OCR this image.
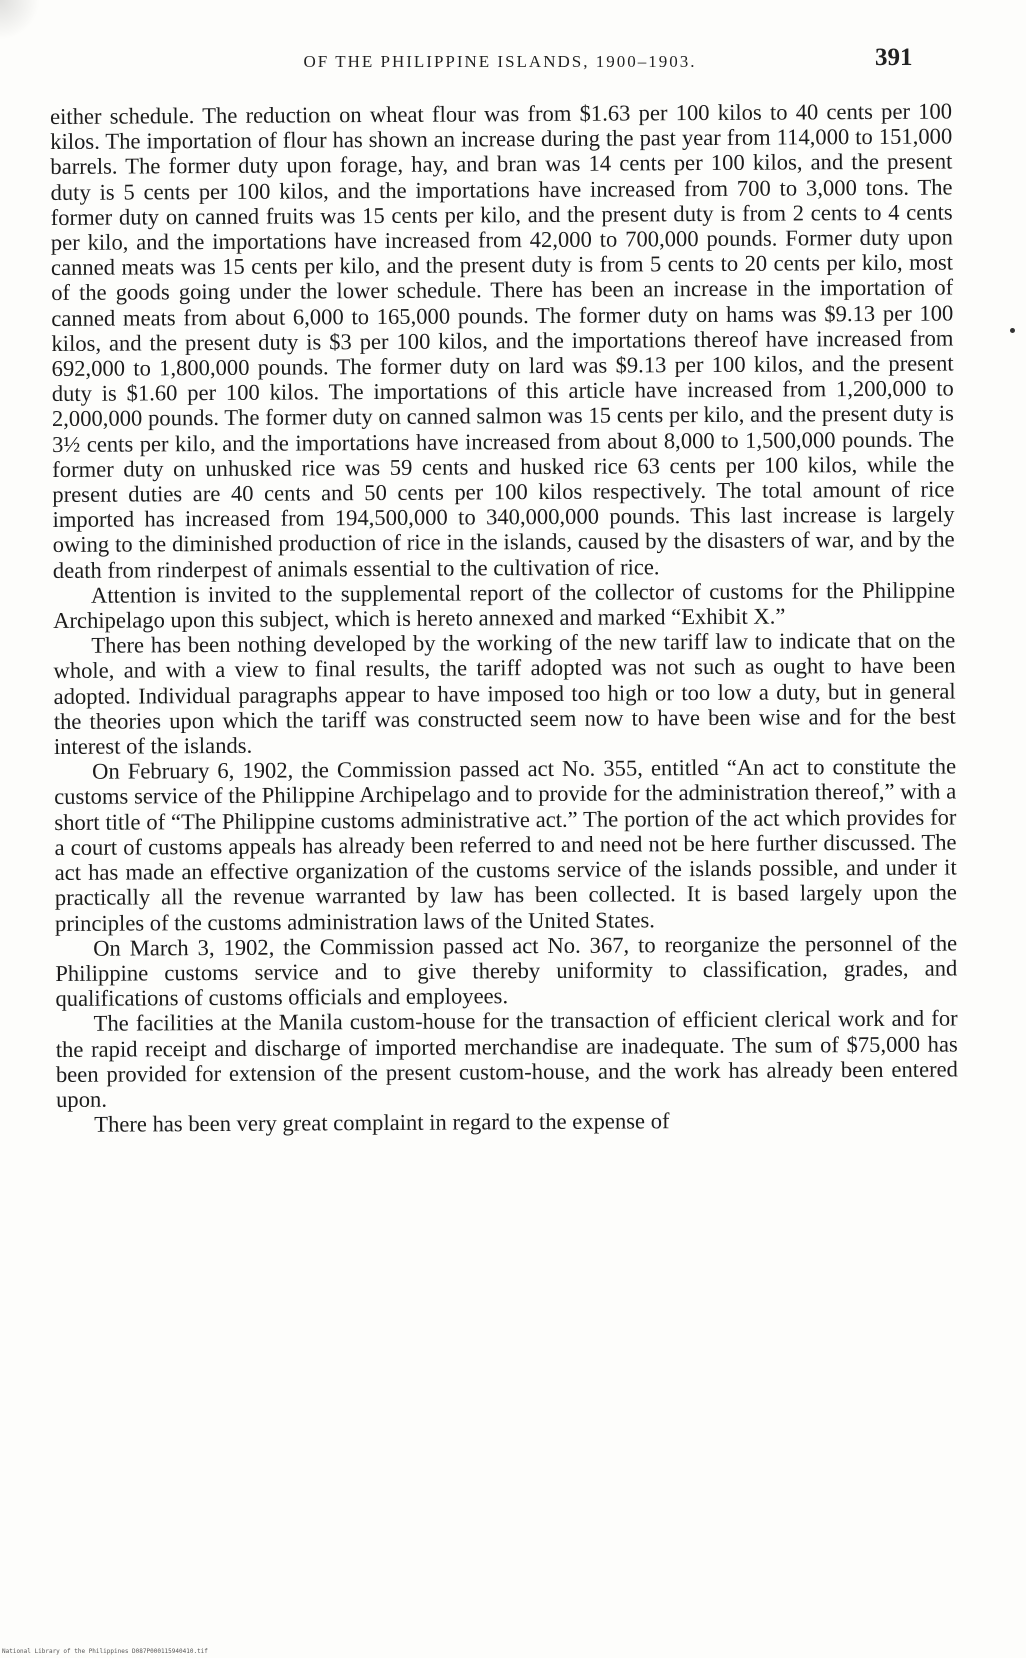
OF THE PHILIPPINE ISLANDS, 1900–1903.	391

either schedule. The reduction on wheat flour was from $1.63 per 100 kilos to 40 cents per 100 kilos. The importation of flour has shown an increase during the past year from 114,000 to 151,000 barrels. The former duty upon forage, hay, and bran was 14 cents per 100 kilos, and the present duty is 5 cents per 100 kilos, and the importations have increased from 700 to 3,000 tons. The former duty on canned fruits was 15 cents per kilo, and the present duty is from 2 cents to 4 cents per kilo, and the importations have increased from 42,000 to 700,000 pounds. Former duty upon canned meats was 15 cents per kilo, and the present duty is from 5 cents to 20 cents per kilo, most of the goods going under the lower schedule. There has been an increase in the importation of canned meats from about 6,000 to 165,000 pounds. The former duty on hams was $9.13 per 100 kilos, and the present duty is $3 per 100 kilos, and the importations thereof have increased from 692,000 to 1,800,000 pounds. The former duty on lard was $9.13 per 100 kilos, and the present duty is $1.60 per 100 kilos. The importations of this article have increased from 1,200,000 to 2,000,000 pounds. The former duty on canned salmon was 15 cents per kilo, and the present duty is 3½ cents per kilo, and the importations have increased from about 8,000 to 1,500,000 pounds. The former duty on unhusked rice was 59 cents and husked rice 63 cents per 100 kilos, while the present duties are 40 cents and 50 cents per 100 kilos respectively. The total amount of rice imported has increased from 194,500,000 to 340,000,000 pounds. This last increase is largely owing to the diminished production of rice in the islands, caused by the disasters of war, and by the death from rinderpest of animals essential to the cultivation of rice.

Attention is invited to the supplemental report of the collector of customs for the Philippine Archipelago upon this subject, which is hereto annexed and marked “Exhibit X.”

There has been nothing developed by the working of the new tariff law to indicate that on the whole, and with a view to final results, the tariff adopted was not such as ought to have been adopted. Individual paragraphs appear to have imposed too high or too low a duty, but in general the theories upon which the tariff was constructed seem now to have been wise and for the best interest of the islands.

On February 6, 1902, the Commission passed act No. 355, entitled “An act to constitute the customs service of the Philippine Archipelago and to provide for the administration thereof,” with a short title of “The Philippine customs administrative act.” The portion of the act which provides for a court of customs appeals has already been referred to and need not be here further discussed. The act has made an effective organization of the customs service of the islands possible, and under it practically all the revenue warranted by law has been collected. It is based largely upon the principles of the customs administration laws of the United States.

On March 3, 1902, the Commission passed act No. 367, to reorganize the personnel of the Philippine customs service and to give thereby uniformity to classification, grades, and qualifications of customs officials and employees.

The facilities at the Manila custom-house for the transaction of efficient clerical work and for the rapid receipt and discharge of imported merchandise are inadequate. The sum of $75,000 has been provided for extension of the present custom-house, and the work has already been entered upon.

There has been very great complaint in regard to the expense of

National Library of the Philippines D087P000115940410.tif
